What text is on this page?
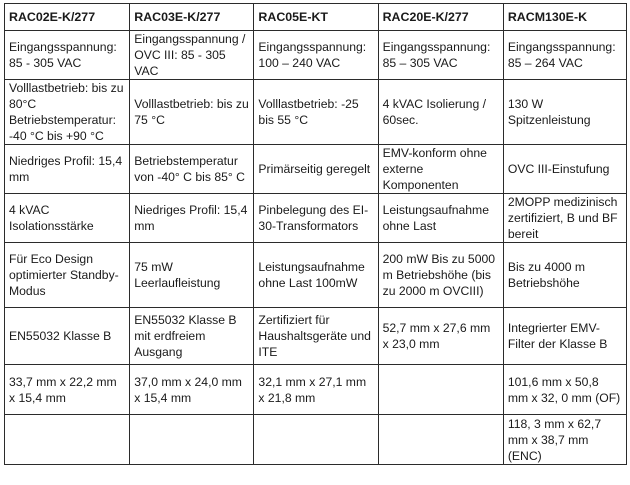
RAC02E-K/277	RAC03E-K/277	RAC05E-KT	RAC20E-K/277	RACM130E-K
Eingangsspannung: 85 - 305 VAC	Eingangsspannung / OVC III: 85 - 305 VAC	Eingangsspannung: 100 – 240 VAC	Eingangsspannung: 85 – 305 VAC	Eingangsspannung: 85 – 264 VAC
Volllastbetrieb: bis zu 80°C Betriebstemperatur: -40 °C bis +90 °C	Volllastbetrieb: bis zu 75 °C	Volllastbetrieb: -25 bis 55 °C	4 kVAC Isolierung / 60sec.	130 W Spitzenleistung
Niedriges Profil: 15,4 mm	Betriebstemperatur von -40° C bis 85° C	Primärseitig geregelt	EMV-konform ohne externe Komponenten	OVC III-Einstufung
4 kVAC Isolationsstärke	Niedriges Profil: 15,4 mm	Pinbelegung des EI-30-Transformators	Leistungsaufnahme ohne Last	2MOPP medizinisch zertifiziert, B und BF bereit
Für Eco Design optimierter Standby-Modus	75 mW Leerlaufleistung	Leistungsaufnahme ohne Last 100mW	200 mW Bis zu 5000 m Betriebshöhe (bis zu 2000 m OVCIII)	Bis zu 4000 m Betriebshöhe
EN55032 Klasse B	EN55032 Klasse B mit erdfreiem Ausgang	Zertifiziert für Haushaltsgeräte und ITE	52,7 mm x 27,6 mm x 23,0 mm	Integrierter EMV-Filter der Klasse B
33,7 mm x 22,2 mm x 15,4 mm	37,0 mm x 24,0 mm x 15,4 mm	32,1 mm x 27,1 mm x 21,8 mm		101,6 mm x 50,8 mm x 32, 0 mm (OF)
				118, 3 mm x 62,7 mm x 38,7 mm (ENC)
